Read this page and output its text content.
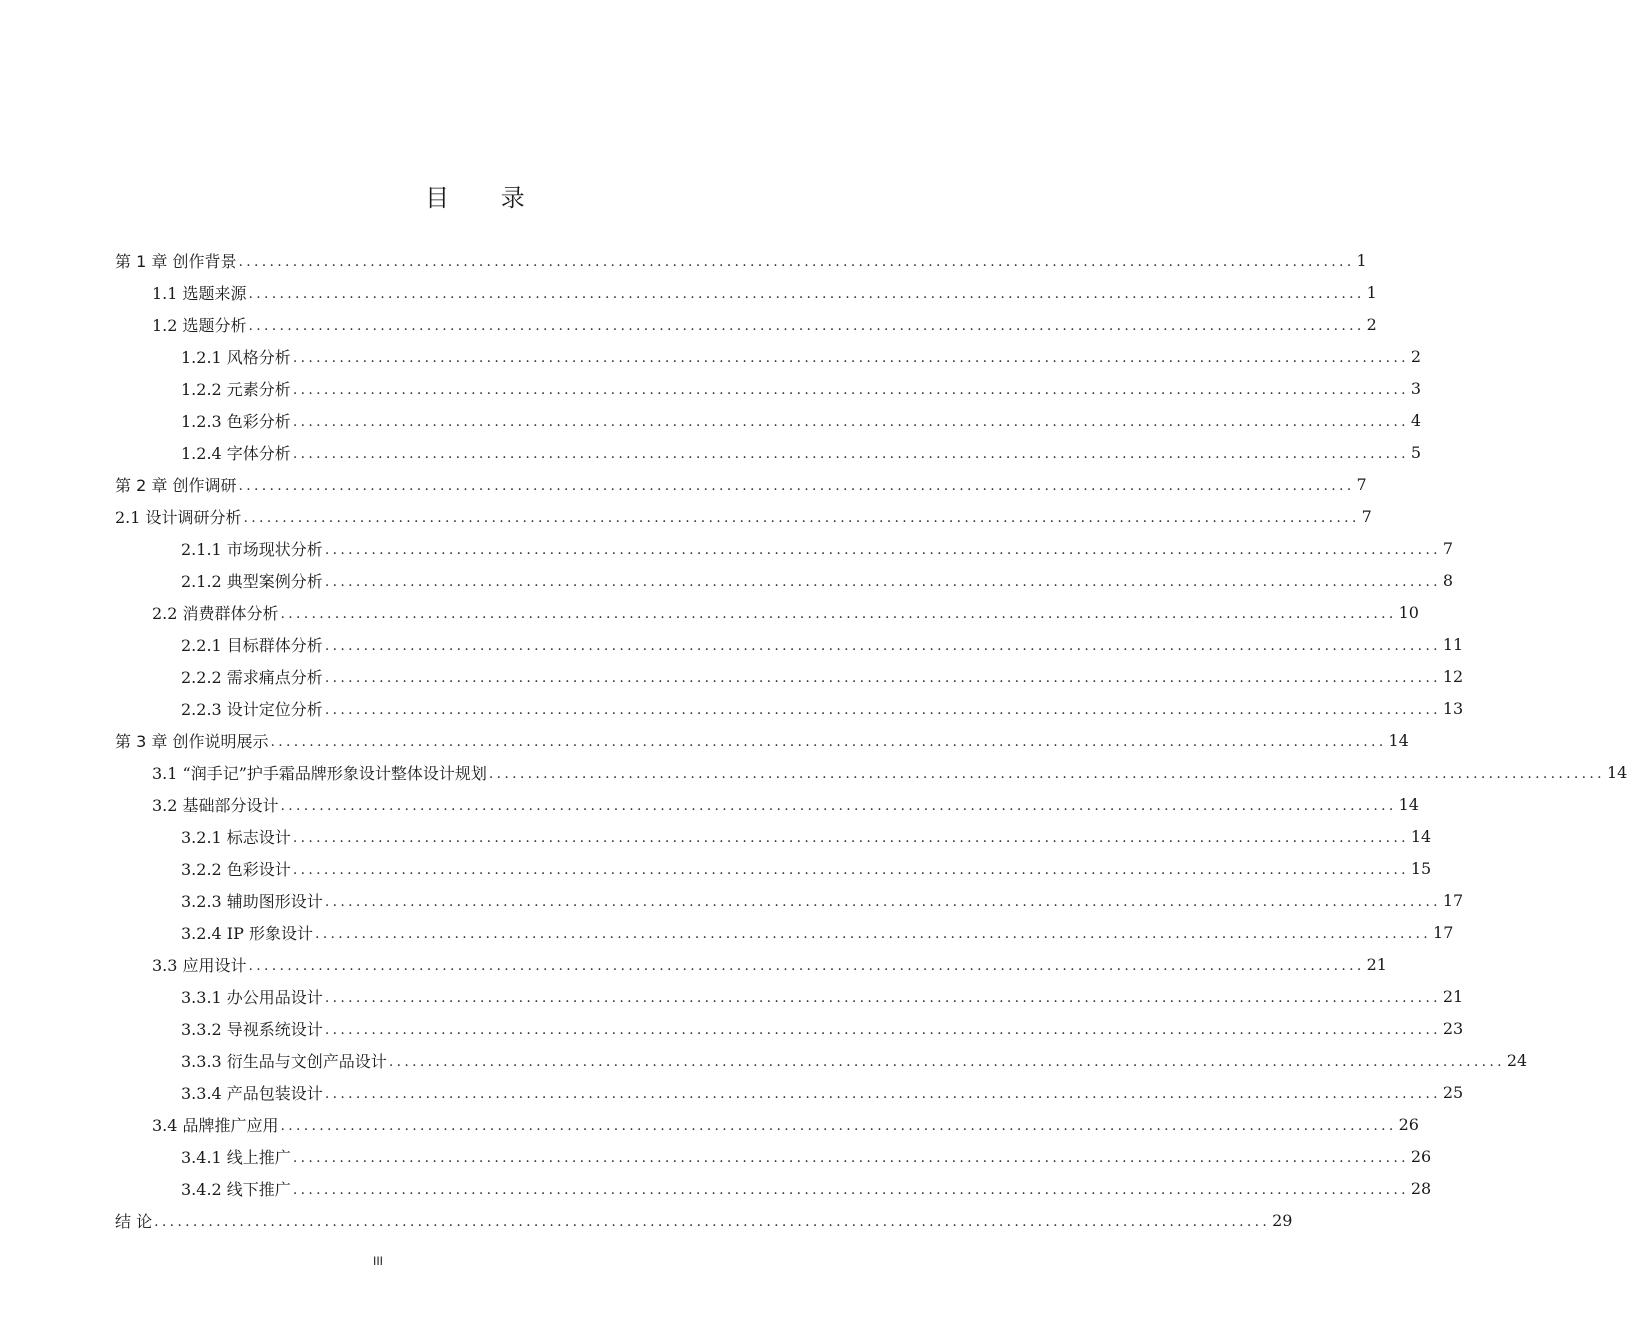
目 录
第 1 章 创作背景 ................................................................................................................................................ 1
1.1 选题来源 ................................................................................................................................................ 1
1.2 选题分析 ................................................................................................................................................ 2
1.2.1 风格分析 ................................................................................................................................................ 2
1.2.2 元素分析 ................................................................................................................................................ 3
1.2.3 色彩分析 ................................................................................................................................................ 4
1.2.4 字体分析 ................................................................................................................................................ 5
第 2 章 创作调研 ................................................................................................................................................ 7
2.1 设计调研分析 ................................................................................................................................................ 7
2.1.1 市场现状分析 ................................................................................................................................................ 7
2.1.2 典型案例分析 ................................................................................................................................................ 8
2.2 消费群体分析 ................................................................................................................................................ 10
2.2.1 目标群体分析 ................................................................................................................................................ 11
2.2.2 需求痛点分析 ................................................................................................................................................ 12
2.2.3 设计定位分析 ................................................................................................................................................ 13
第 3 章 创作说明展示 ................................................................................................................................................ 14
3.1 “润手记”护手霜品牌形象设计整体设计规划 ................................................................................................................................................ 14
3.2 基础部分设计 ................................................................................................................................................ 14
3.2.1 标志设计 ................................................................................................................................................ 14
3.2.2 色彩设计 ................................................................................................................................................ 15
3.2.3 辅助图形设计 ................................................................................................................................................ 17
3.2.4 IP 形象设计 ................................................................................................................................................ 17
3.3 应用设计 ................................................................................................................................................ 21
3.3.1 办公用品设计 ................................................................................................................................................ 21
3.3.2 导视系统设计 ................................................................................................................................................ 23
3.3.3 衍生品与文创产品设计 ................................................................................................................................................ 24
3.3.4 产品包装设计 ................................................................................................................................................ 25
3.4 品牌推广应用 ................................................................................................................................................ 26
3.4.1 线上推广 ................................................................................................................................................ 26
3.4.2 线下推广 ................................................................................................................................................ 28
结 论 ................................................................................................................................................ 29
III
